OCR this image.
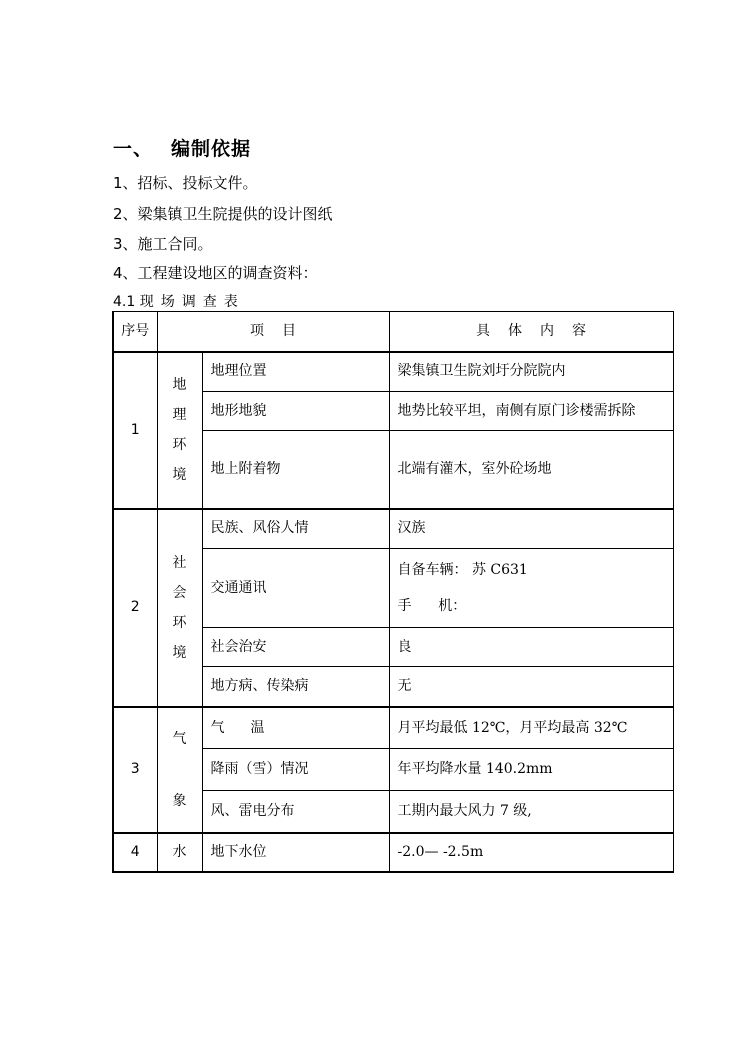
一、 编制依据
1、招标、投标文件。
2、梁集镇卫生院提供的设计图纸
3、施工合同。
4、工程建设地区的调查资料：
4.1 现场调查表
序号	项目		具体内容
1	地理环境	地理位置	梁集镇卫生院刘圩分院院内
		地形地貌	地势比较平坦，南侧有原门诊楼需拆除
		地上附着物	北端有灌木，室外砼场地
2	社会环境	民族、风俗人情	汉族
		交通通讯	自备车辆： 苏 C631
手      机：

		社会治安	良
		地方病、传染病	无
3	气象	气温	月平均最低 12℃，月平均最高 32℃
		降雨（雪）情况	年平均降水量 140.2mm
		风、雷电分布	工期内最大风力 7 级,
4	水	地下水位	-2.0— -2.5m
